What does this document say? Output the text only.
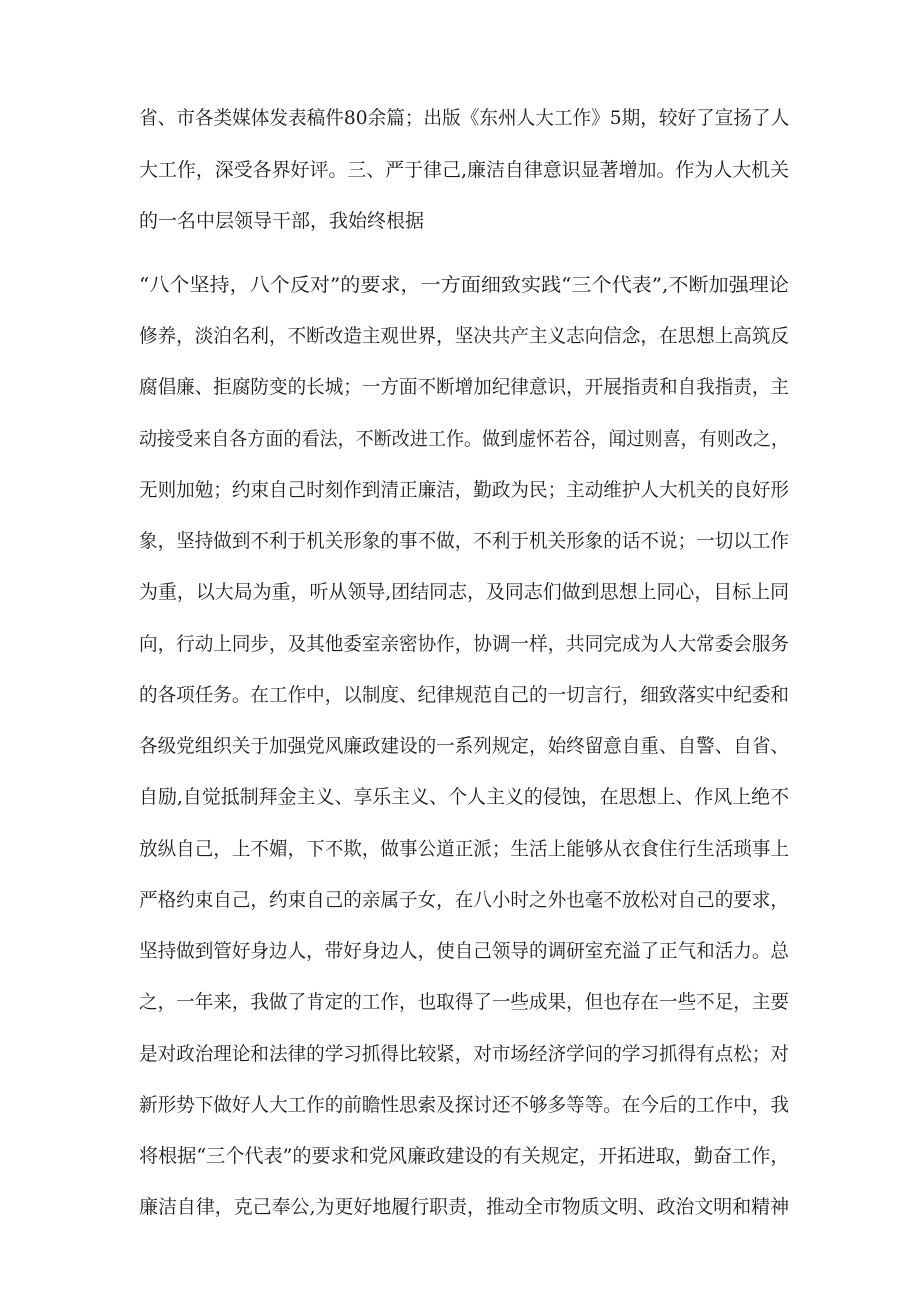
省、市各类媒体发表稿件80余篇；出版《东州人大工作》5期，较好了宣扬了人
大工作，深受各界好评。三、严于律己,廉洁自律意识显著增加。作为人大机关
的一名中层领导干部，我始终根据
“八个坚持，八个反对”的要求，一方面细致实践“三个代表”,不断加强理论
修养，淡泊名利，不断改造主观世界，坚决共产主义志向信念，在思想上高筑反
腐倡廉、拒腐防变的长城；一方面不断增加纪律意识，开展指责和自我指责，主
动接受来自各方面的看法，不断改进工作。做到虚怀若谷，闻过则喜，有则改之，
无则加勉；约束自己时刻作到清正廉洁，勤政为民；主动维护人大机关的良好形
象，坚持做到不利于机关形象的事不做，不利于机关形象的话不说；一切以工作
为重，以大局为重，听从领导,团结同志，及同志们做到思想上同心，目标上同
向，行动上同步，及其他委室亲密协作，协调一样，共同完成为人大常委会服务
的各项任务。在工作中，以制度、纪律规范自己的一切言行，细致落实中纪委和
各级党组织关于加强党风廉政建设的一系列规定，始终留意自重、自警、自省、
自励,自觉抵制拜金主义、享乐主义、个人主义的侵蚀，在思想上、作风上绝不
放纵自己，上不媚，下不欺，做事公道正派；生活上能够从衣食住行生活琐事上
严格约束自己，约束自己的亲属子女，在八小时之外也毫不放松对自己的要求，
坚持做到管好身边人，带好身边人，使自己领导的调研室充溢了正气和活力。总
之，一年来，我做了肯定的工作，也取得了一些成果，但也存在一些不足，主要
是对政治理论和法律的学习抓得比较紧，对市场经济学问的学习抓得有点松；对
新形势下做好人大工作的前瞻性思索及探讨还不够多等等。在今后的工作中，我
将根据“三个代表”的要求和党风廉政建设的有关规定，开拓进取，勤奋工作，
廉洁自律，克己奉公,为更好地履行职责，推动全市物质文明、政治文明和精神
